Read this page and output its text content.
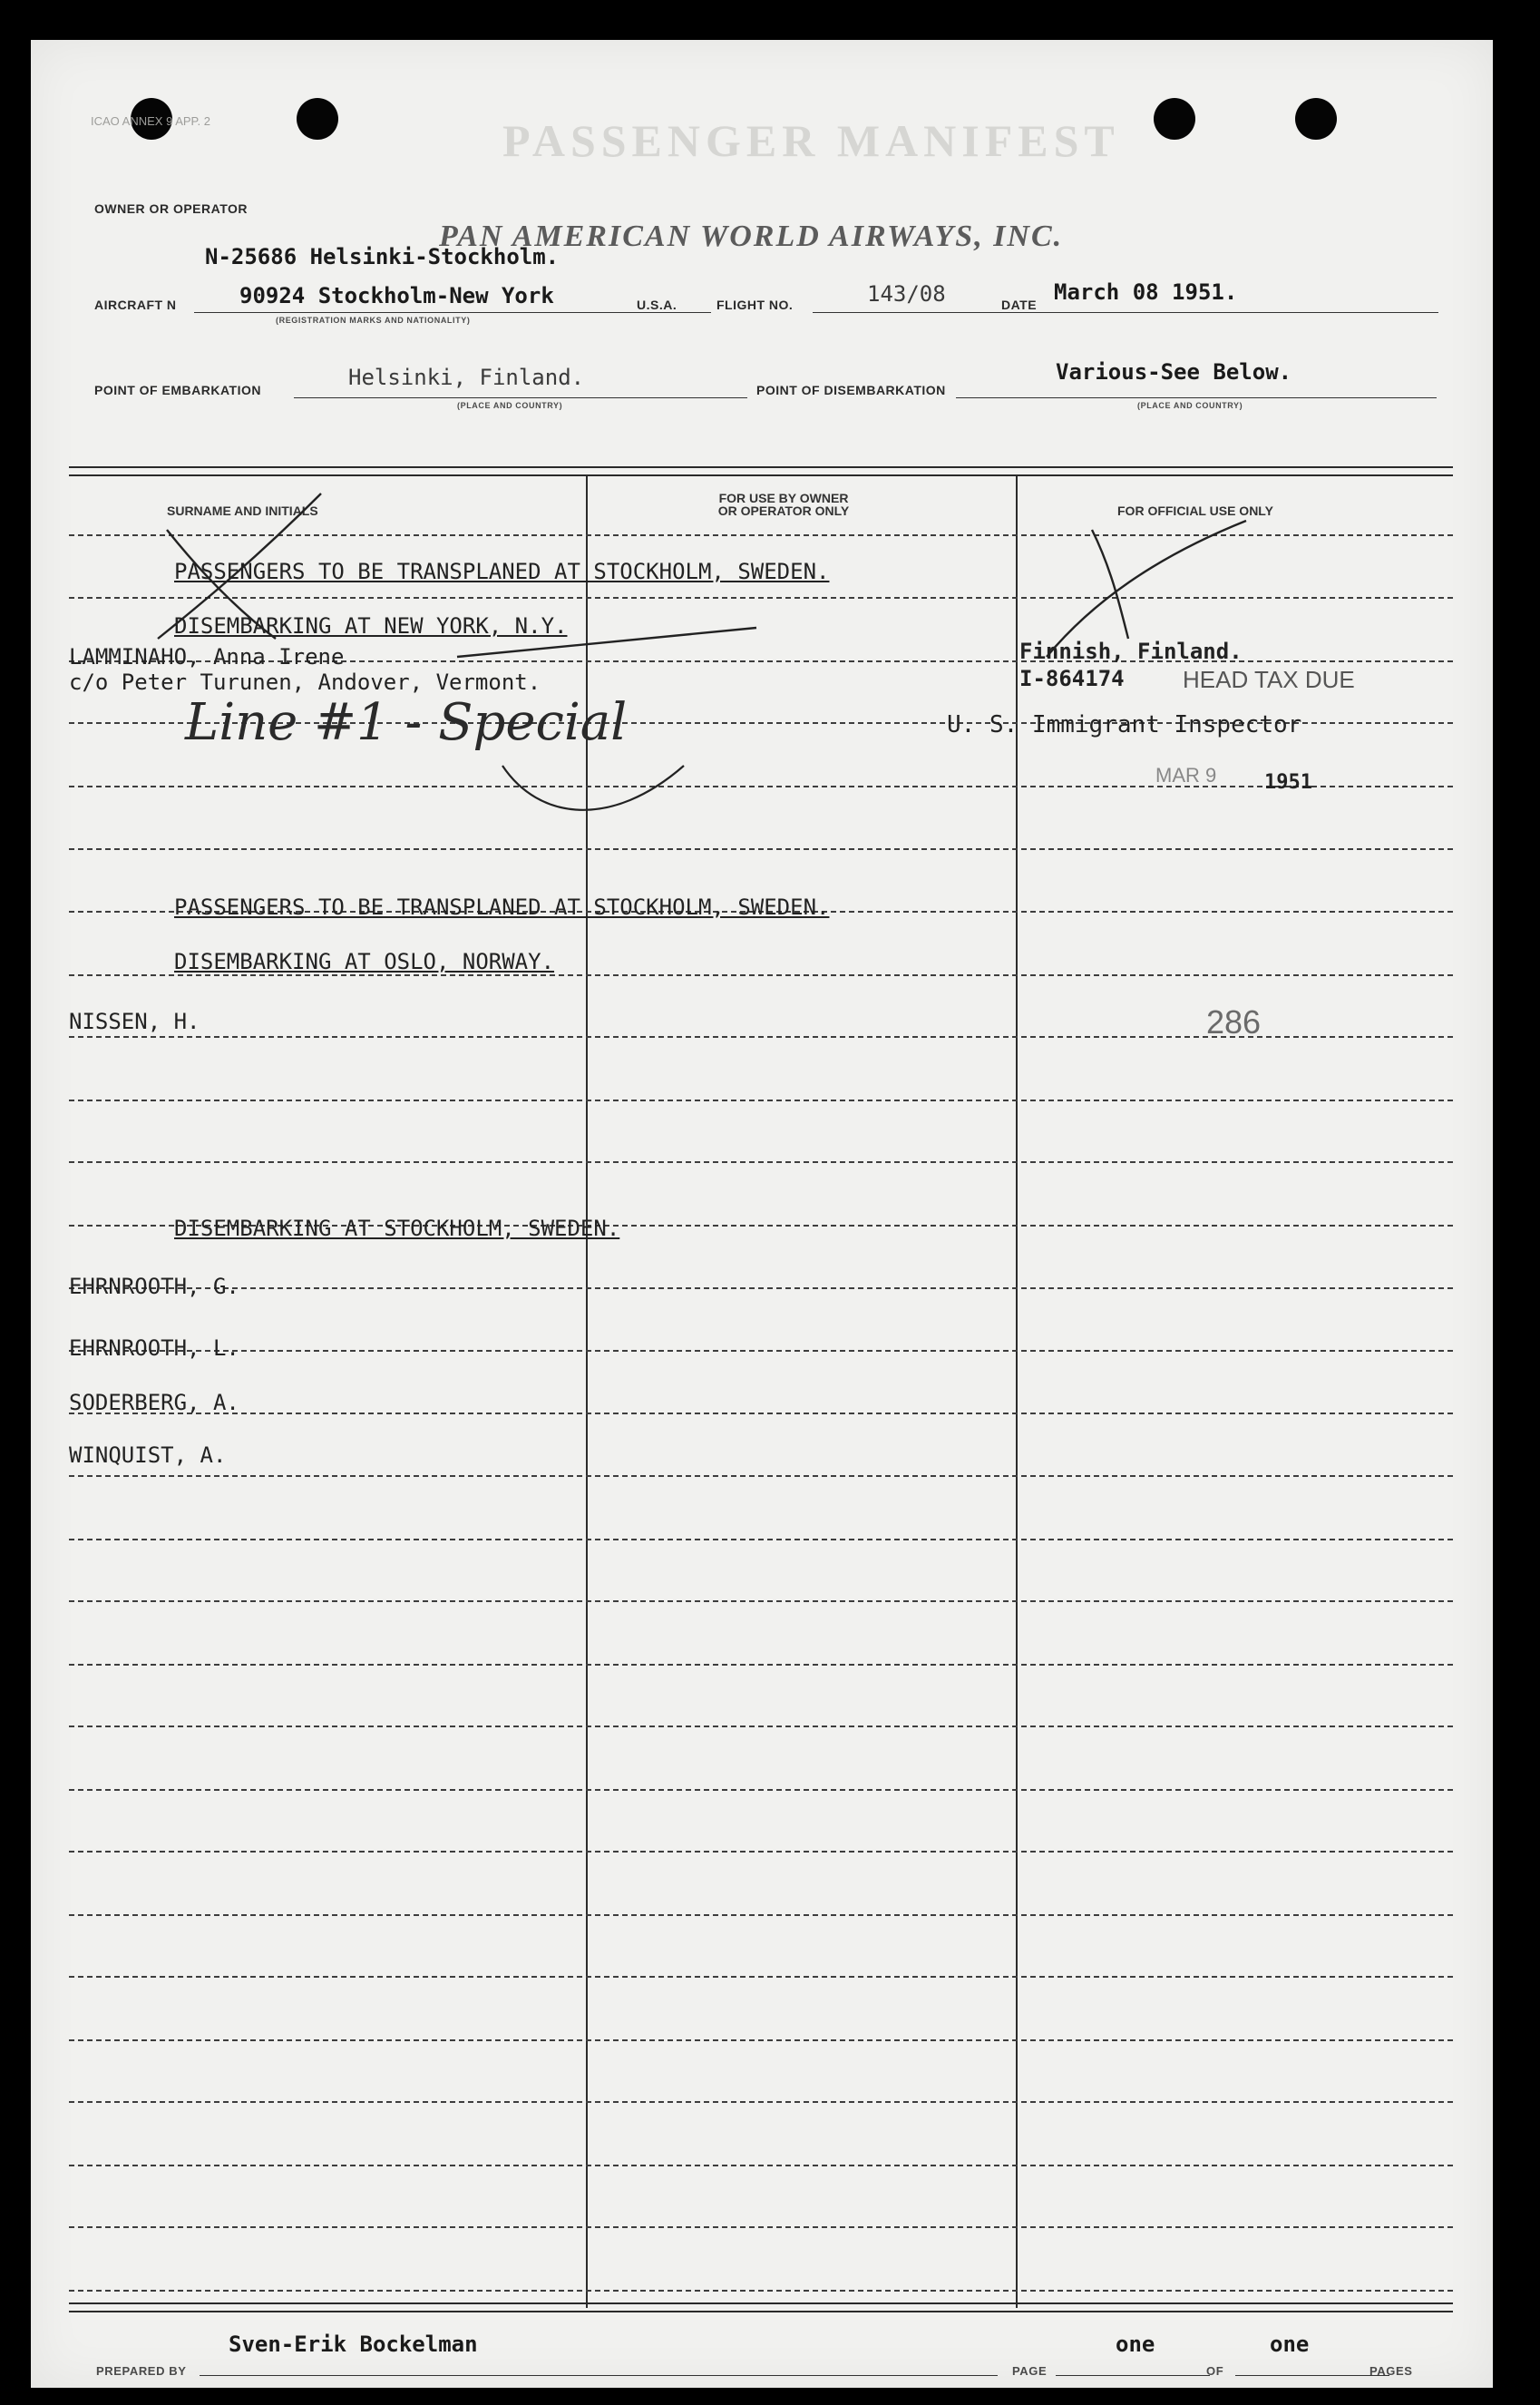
ICAO ANNEX 9 APP. 2	PASSENGER MANIFEST
OWNER OR OPERATOR
PAN AMERICAN WORLD AIRWAYS, INC.
N-25686 Helsinki-Stockholm.
AIRCRAFT N	90924 Stockholm-New York
(REGISTRATION MARKS AND NATIONALITY)
U.S.A.	FLIGHT NO.	143/08	DATE March 08 1951.
POINT OF EMBARKATION	Helsinki, Finland.
(PLACE AND COUNTRY)
POINT OF DISEMBARKATION
Various-See Below.
(PLACE AND COUNTRY)
SURNAME AND INITIALS
FOR USE BY OWNER
OR OPERATOR ONLY	FOR OFFICIAL USE ONLY
PASSENGERS TO BE TRANSPLANED AT STOCKHOLM, SWEDEN.
DISEMBARKING AT NEW YORK, N.Y.
LAMMINAHO, Anna Irene
c/o Peter Turunen, Andover, Vermont.
Finnish, Finland.
I-864174 HEAD TAX DUE
U. S. Immigrant Inspector
MAR 9 1951
Line #1 - Special
PASSENGERS TO BE TRANSPLANED AT STOCKHOLM, SWEDEN.
DISEMBARKING AT OSLO, NORWAY.
NISSEN, H.	286
DISEMBARKING AT STOCKHOLM, SWEDEN.
EHRNROOTH, G.
EHRNROOTH, L.
SODERBERG, A.
WINQUIST, A.
PREPARED BY
Sven-Erik Bockelman
PAGE
one
OF
one
PAGES
